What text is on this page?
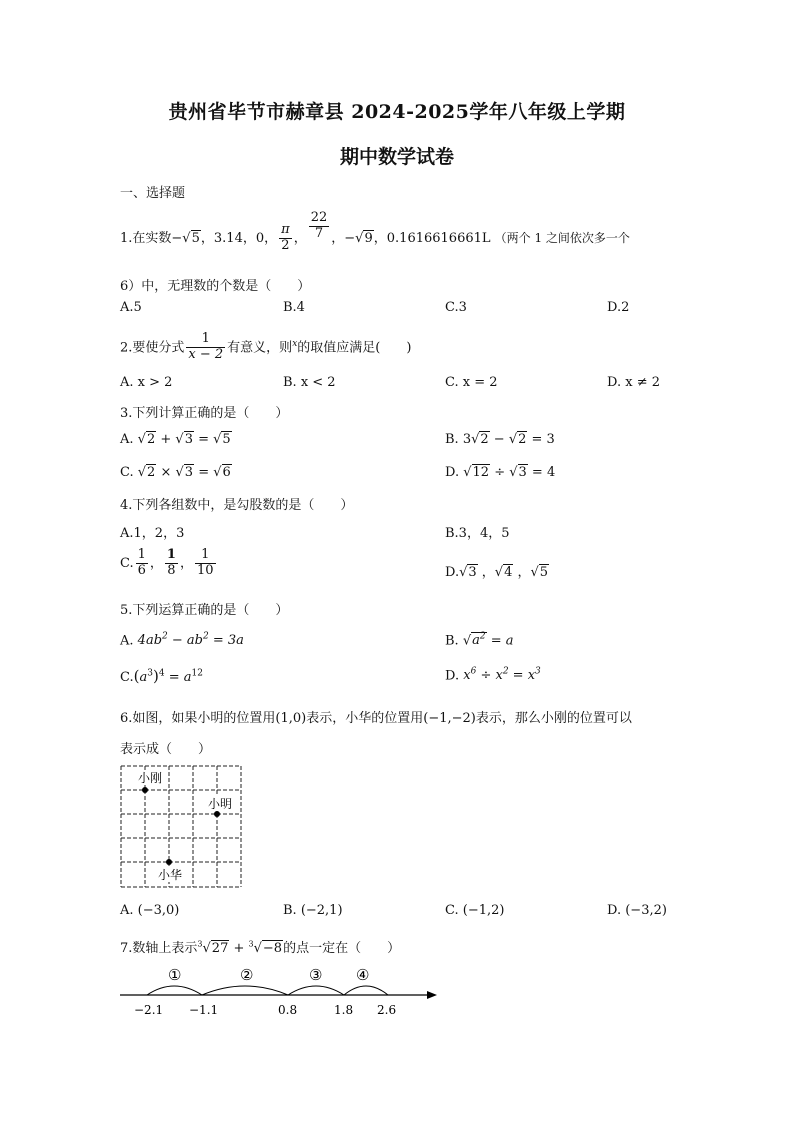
贵州省毕节市赫章县 2024-2025学年八年级上学期
期中数学试卷
一、选择题
1.在实数−√5，3.14，0， $\frac{\pi}{2}$ ， $\frac{22}{7}$ ，−√9，0.1616616661L （两个 1 之间依次多一个
6）中，无理数的个数是（　　）
A.5	B.4	C.3	D.2
2.要使分式 $\frac{1}{x - 2}$ 有意义，则$^x$的取值应满足(　　)
A. x > 2	B. x < 2	C. x = 2	D. x ≠ 2
3.下列计算正确的是（　　）
A. √2 + √3 = √5	B. 3√2 − √2 = 3
C. √2 × √3 = √6	D. √12 ÷ √3 = 4
4.下列各组数中，是勾股数的是（　　）
A.1，2，3	B.3，4，5
C. $\frac{1}{6}$ ， $\frac{1}{8}$ ， $\frac{1}{10}$	D.√3 ，√4 ，√5
5.下列运算正确的是（　　）
A. $4ab^2 - ab^2 = 3a$	B. $√a^2 = a$
$C.(a^3)^4 = a^{12}$	D. $x^6 \div x^2 = x^3$
6.如图，如果小明的位置用(1,0)表示，小华的位置用(−1,−2)表示，那么小刚的位置可以
表示成（　　）
小刚
小明
小华
A. (−3,0)	B. (−2,1)	C. (−1,2)	D. (−3,2)
7.数轴上表示$^3$√27 + $^3$√−8的点一定在（　　）
①	②	③ ④
−2.1 −1.1	0.8	1.8 2.6
